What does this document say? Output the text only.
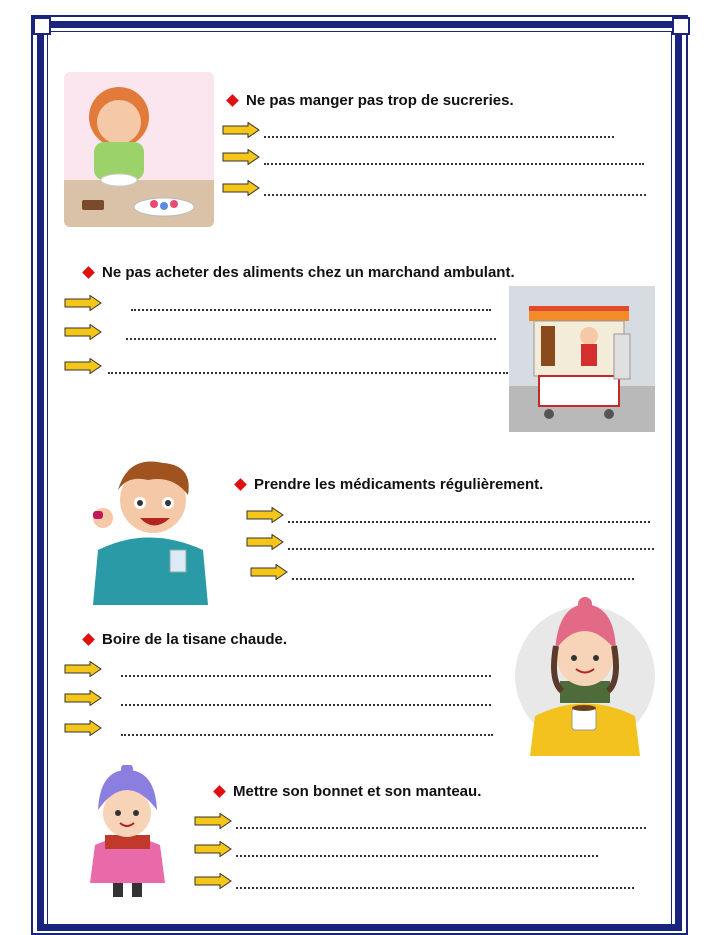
Ne pas manger pas trop de sucreries.
Ne pas acheter des aliments chez un marchand ambulant.
Prendre les médicaments régulièrement.
Boire de la tisane chaude.
Mettre son bonnet et son manteau.
